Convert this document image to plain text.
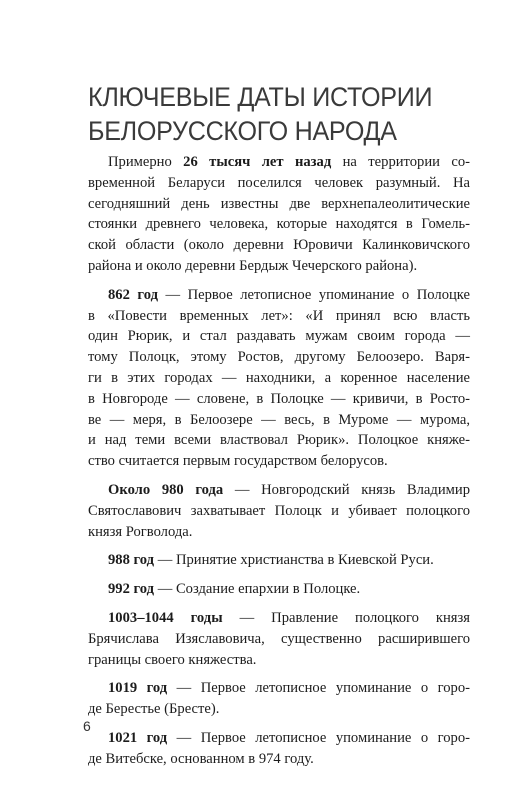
КЛЮЧЕВЫЕ ДАТЫ ИСТОРИИ
БЕЛОРУССКОГО НАРОДА

Примерно 26 тысяч лет назад на территории со-
временной Беларуси поселился человек разумный. На
сегодняшний день известны две верхнепалеолитические
стоянки древнего человека, которые находятся в Гомель-
ской области (около деревни Юровичи Калинковичского
района и около деревни Бердыж Чечерского района).

862 год — Первое летописное упоминание о Полоцке
в «Повести временных лет»: «И принял всю власть
один Рюрик, и стал раздавать мужам своим города —
тому Полоцк, этому Ростов, другому Белоозеро. Варя-
ги в этих городах — находники, а коренное население
в Новгороде — словене, в Полоцке — кривичи, в Росто-
ве — меря, в Белоозере — весь, в Муроме — мурома,
и над теми всеми властвовал Рюрик». Полоцкое княже-
ство считается первым государством белорусов.

Около 980 года — Новгородский князь Владимир
Святославович захватывает Полоцк и убивает полоцкого
князя Рогволода.

988 год — Принятие христианства в Киевской Руси.

992 год — Создание епархии в Полоцке.

1003–1044 годы — Правление полоцкого князя
Брячислава Изяславовича, существенно расширившего
границы своего княжества.

1019 год — Первое летописное упоминание о горо-
де Берестье (Бресте).

1021 год — Первое летописное упоминание о горо-
де Витебске, основанном в 974 году.

6
